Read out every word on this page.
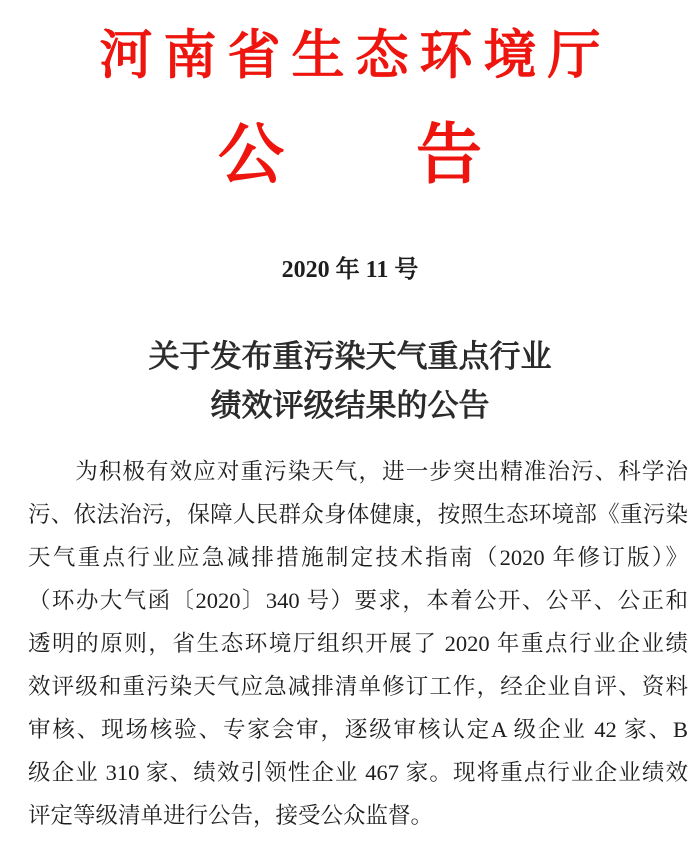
河南省生态环境厅
公　　告
2020 年 11 号
关于发布重污染天气重点行业
绩效评级结果的公告
　　为积极有效应对重污染天气，进一步突出精准治污、科学治
污、依法治污，保障人民群众身体健康，按照生态环境部《重污染
天气重点行业应急减排措施制定技术指南（2020 年修订版）》
（环办大气函〔2020〕340 号）要求，本着公开、公平、公正和
透明的原则，省生态环境厅组织开展了 2020 年重点行业企业绩
效评级和重污染天气应急减排清单修订工作，经企业自评、资料
审核、现场核验、专家会审，逐级审核认定A 级企业 42 家、B
级企业 310 家、绩效引领性企业 467 家。现将重点行业企业绩效
评定等级清单进行公告，接受公众监督。
